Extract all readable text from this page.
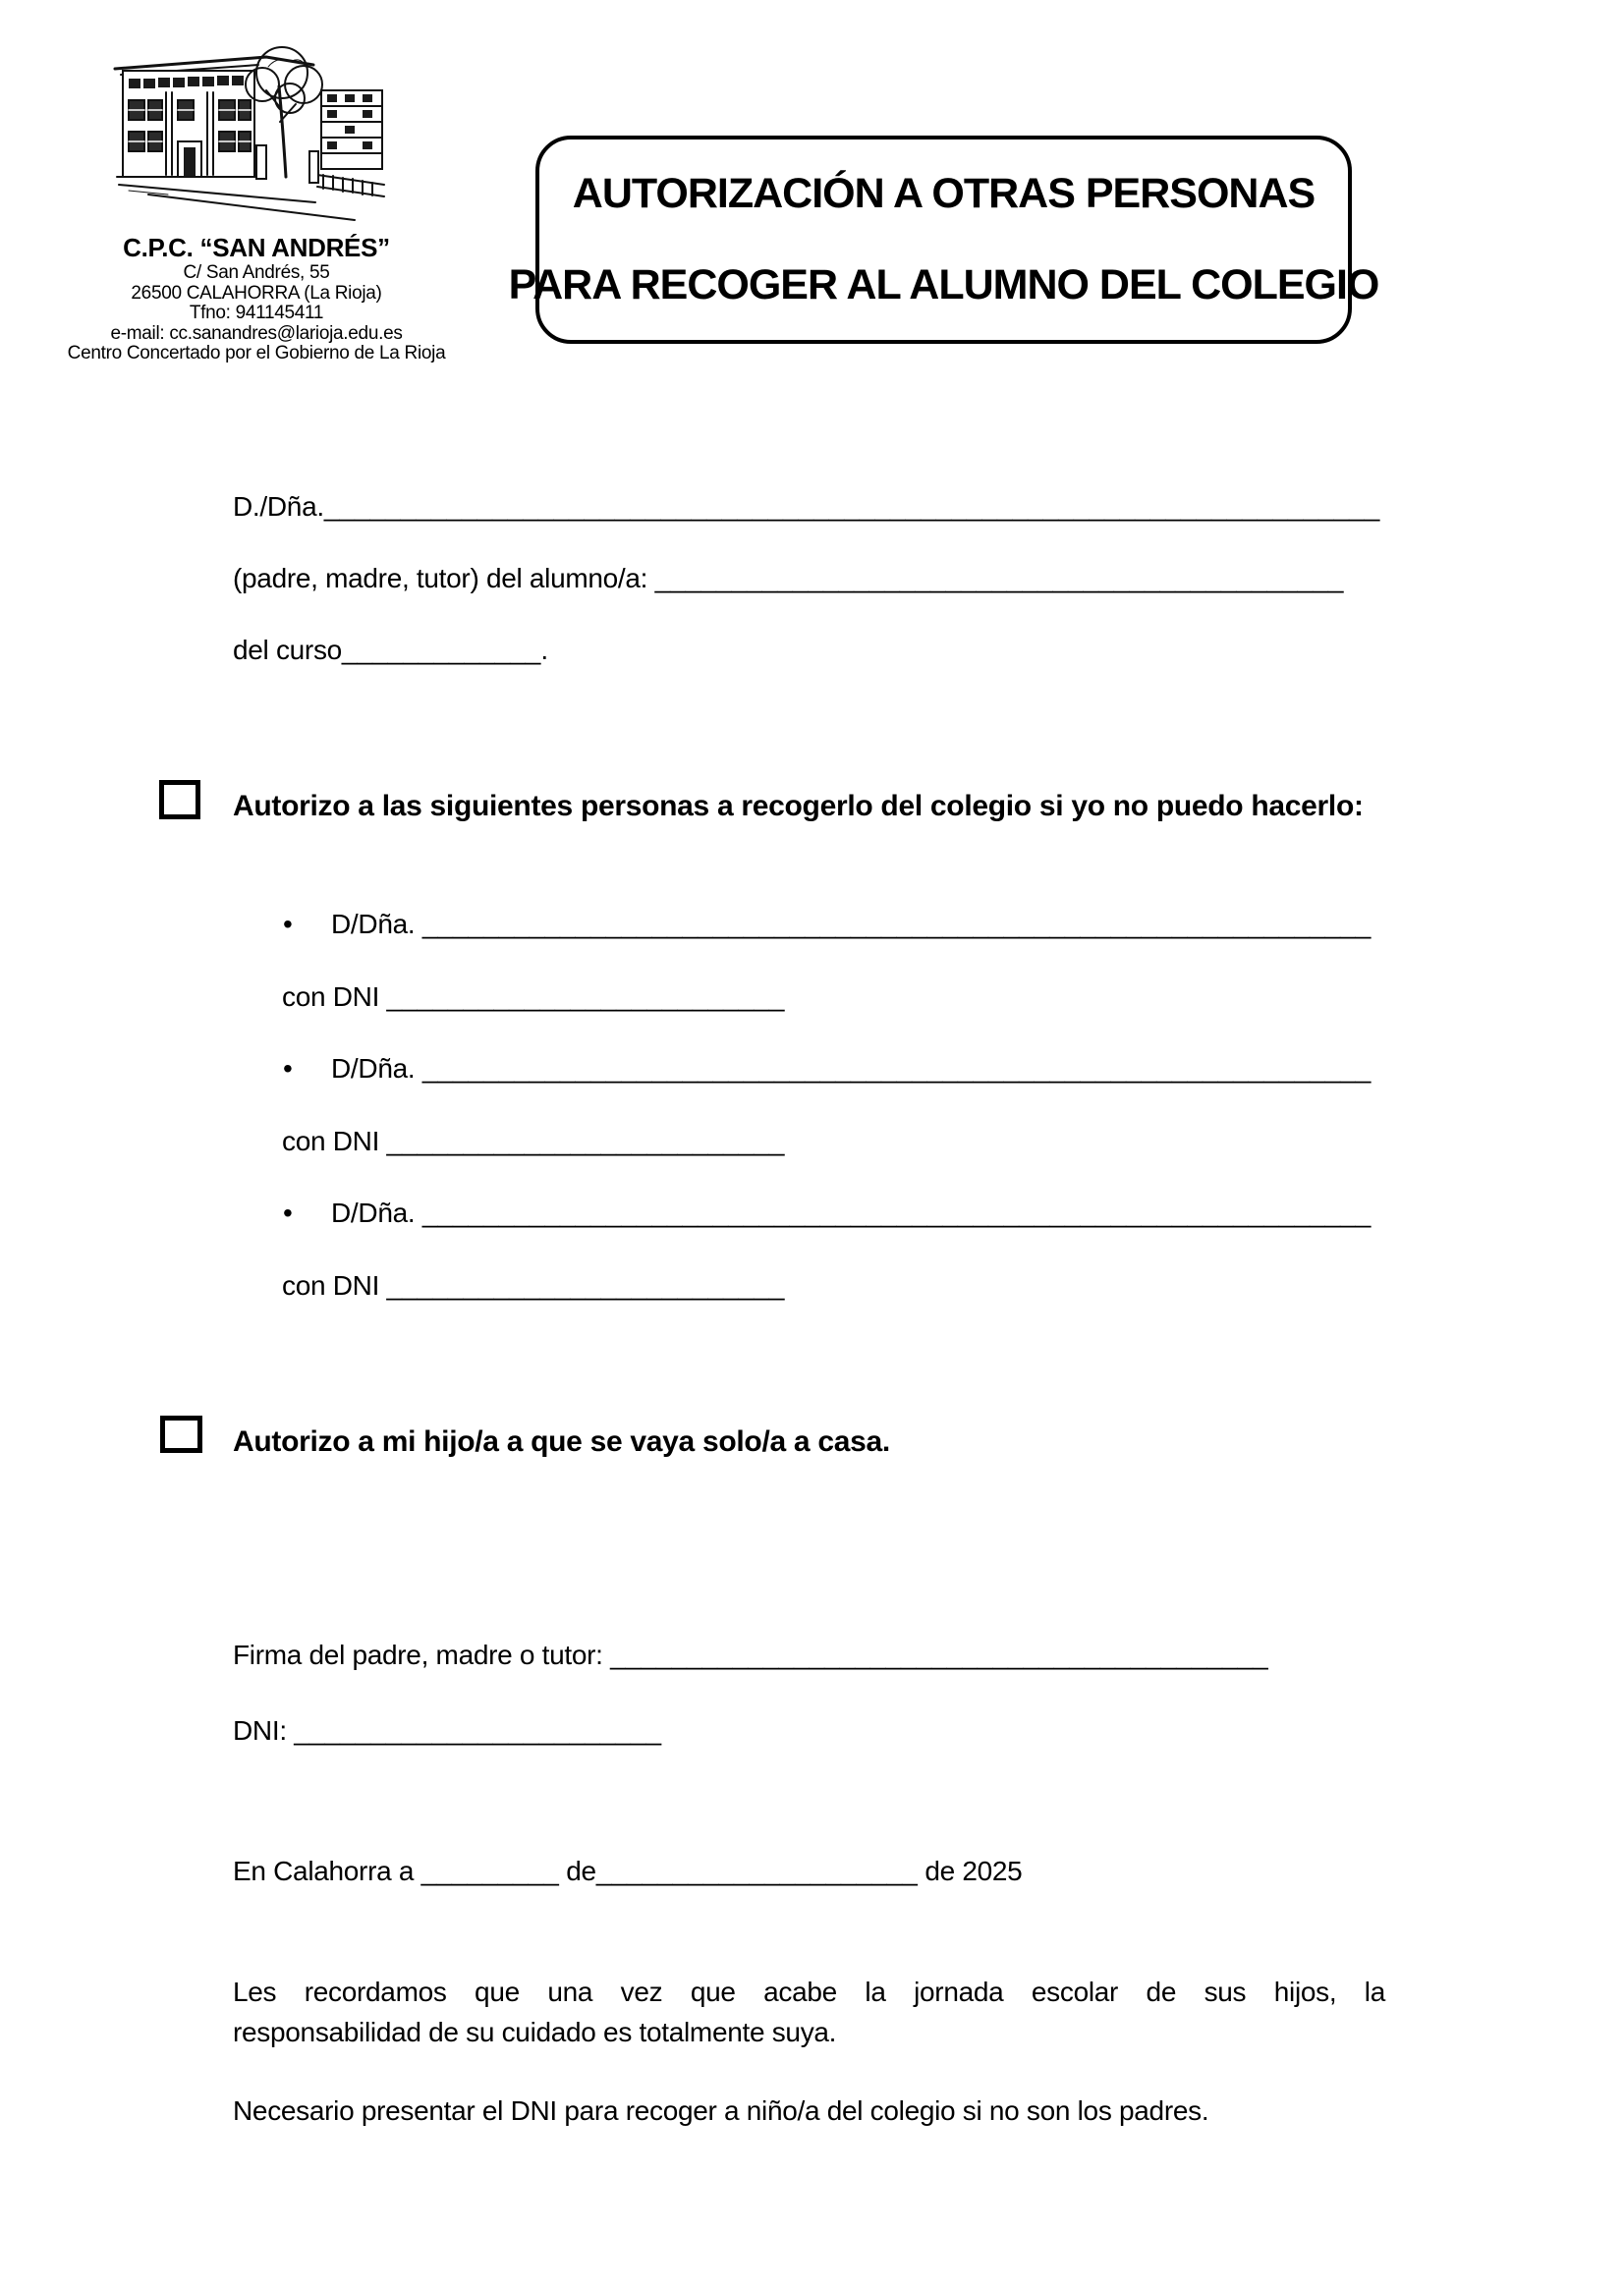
C.P.C. “SAN ANDRÉS”
C/ San Andrés, 55
26500 CALAHORRA (La Rioja)
Tfno: 941145411
e-mail: cc.sanandres@larioja.edu.es
Centro Concertado por el Gobierno de La Rioja
AUTORIZACIÓN A OTRAS PERSONAS
PARA RECOGER AL ALUMNO DEL COLEGIO
D./Dña._____________________________________________________________________
(padre, madre, tutor) del alumno/a: _____________________________________________
del curso_____________.
Autorizo a las siguientes personas a recogerlo del colegio si yo no puedo hacerlo:
• D/Dña. ______________________________________________________________
con DNI __________________________
• D/Dña. ______________________________________________________________
con DNI __________________________
• D/Dña. ______________________________________________________________
con DNI __________________________
Autorizo a mi hijo/a a que se vaya solo/a a casa.
Firma del padre, madre o tutor: ___________________________________________
DNI: ________________________
En Calahorra a _________ de_____________________ de 2025
Les recordamos que una vez que acabe la jornada escolar de sus hijos, la
responsabilidad de su cuidado es totalmente suya.
Necesario presentar el DNI para recoger a niño/a del colegio si no son los padres.
